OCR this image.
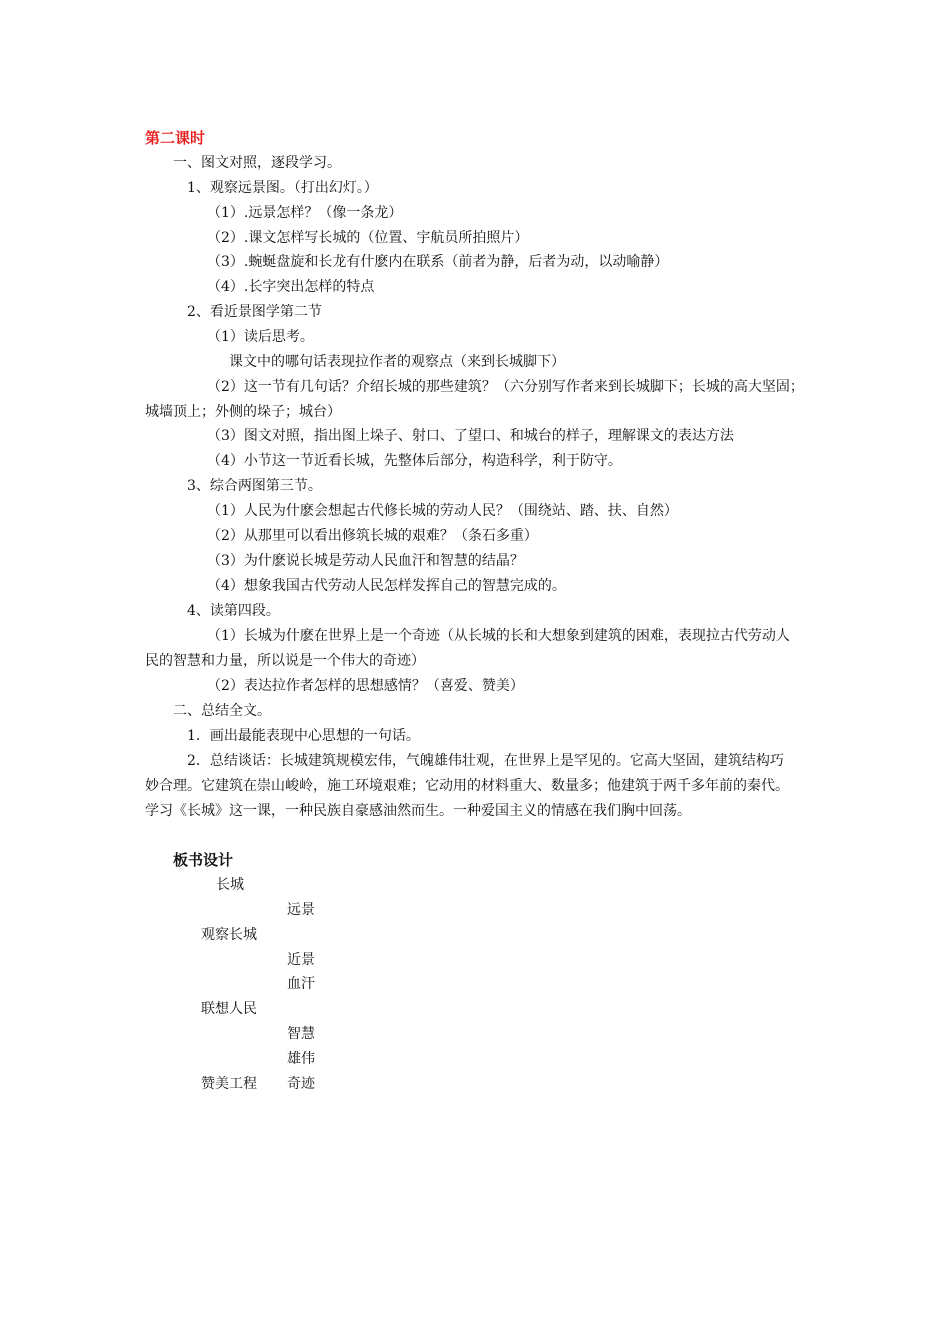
第二课时
一、图文对照，逐段学习。
1、观察远景图。（打出幻灯。）
（1）.远景怎样？（像一条龙）
（2）.课文怎样写长城的（位置、宇航员所拍照片）
（3）.蜿蜒盘旋和长龙有什麽内在联系（前者为静，后者为动，以动喻静）
（4）.长字突出怎样的特点
2、看近景图学第二节
（1）读后思考。
课文中的哪句话表现拉作者的观察点（来到长城脚下）
（2）这一节有几句话？介绍长城的那些建筑？（六分别写作者来到长城脚下；长城的高大坚固；
城墙顶上；外侧的垛子；城台）
（3）图文对照，指出图上垛子、射口、了望口、和城台的样子，理解课文的表达方法
（4）小节这一节近看长城，先整体后部分，构造科学，利于防守。
3、综合两图第三节。
（1）人民为什麽会想起古代修长城的劳动人民？（围绕站、踏、扶、自然）
（2）从那里可以看出修筑长城的艰难？（条石多重）
（3）为什麽说长城是劳动人民血汗和智慧的结晶？
（4）想象我国古代劳动人民怎样发挥自己的智慧完成的。
4、读第四段。
（1）长城为什麽在世界上是一个奇迹（从长城的长和大想象到建筑的困难，表现拉古代劳动人
民的智慧和力量，所以说是一个伟大的奇迹）
（2）表达拉作者怎样的思想感情？（喜爱、赞美）
二、总结全文。
1．画出最能表现中心思想的一句话。
2．总结谈话：长城建筑规模宏伟，气魄雄伟壮观，在世界上是罕见的。它高大坚固，建筑结构巧
妙合理。它建筑在崇山峻岭，施工环境艰难；它动用的材料重大、数量多；他建筑于两千多年前的秦代。
学习《长城》这一课，一种民族自豪感油然而生。一种爱国主义的情感在我们胸中回荡。
板书设计
长城
远景
观察长城
近景
血汗
联想人民
智慧
雄伟
赞美工程 奇迹
